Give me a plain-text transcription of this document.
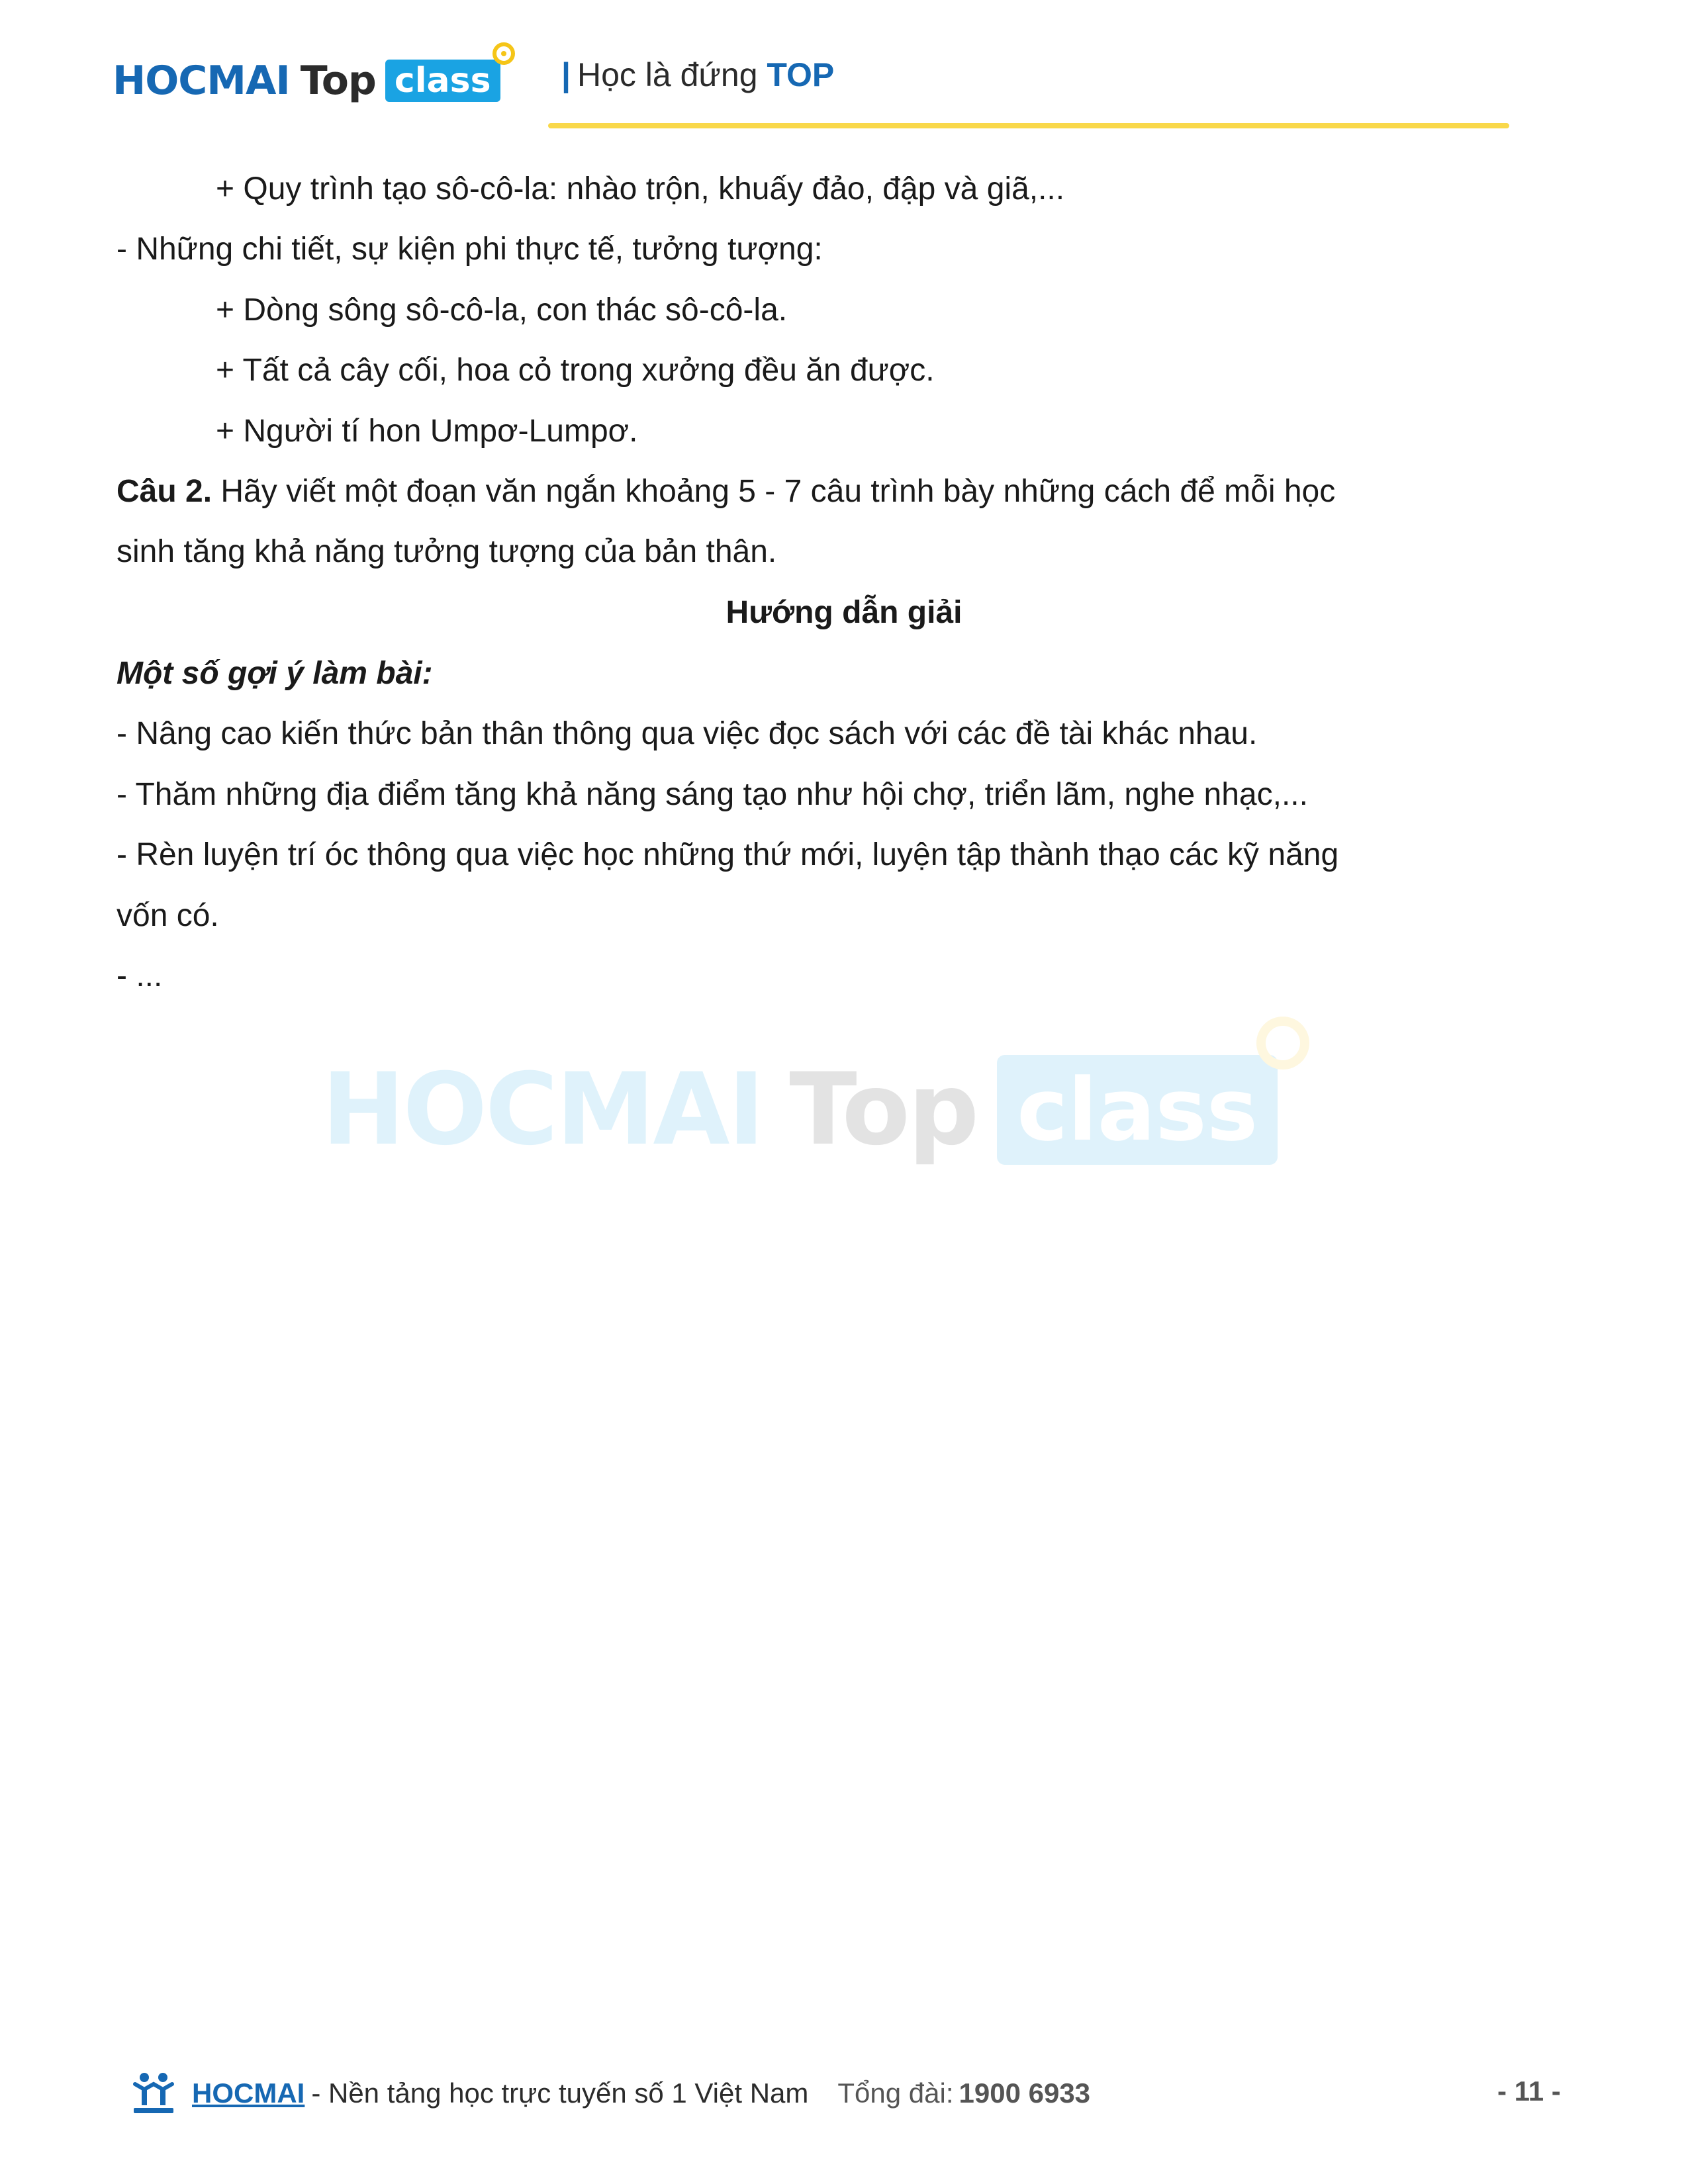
HOCMAI Top class | Học là đứng TOP
+ Quy trình tạo sô-cô-la: nhào trộn, khuấy đảo, đập và giã,...
- Những chi tiết, sự kiện phi thực tế, tưởng tượng:
+ Dòng sông sô-cô-la, con thác sô-cô-la.
+ Tất cả cây cối, hoa cỏ trong xưởng đều ăn được.
+ Người tí hon Umpơ-Lumpơ.
Câu 2. Hãy viết một đoạn văn ngắn khoảng 5 - 7 câu trình bày những cách để mỗi học
sinh tăng khả năng tưởng tượng của bản thân.
Hướng dẫn giải
Một số gợi ý làm bài:
- Nâng cao kiến thức bản thân thông qua việc đọc sách với các đề tài khác nhau.
- Thăm những địa điểm tăng khả năng sáng tạo như hội chợ, triển lãm, nghe nhạc,...
- Rèn luyện trí óc thông qua việc học những thứ mới, luyện tập thành thạo các kỹ năng
vốn có.
- ...
HOCMAI Top class
HOCMAI - Nền tảng học trực tuyến số 1 Việt Nam Tổng đài: 1900 6933	- 11 -
